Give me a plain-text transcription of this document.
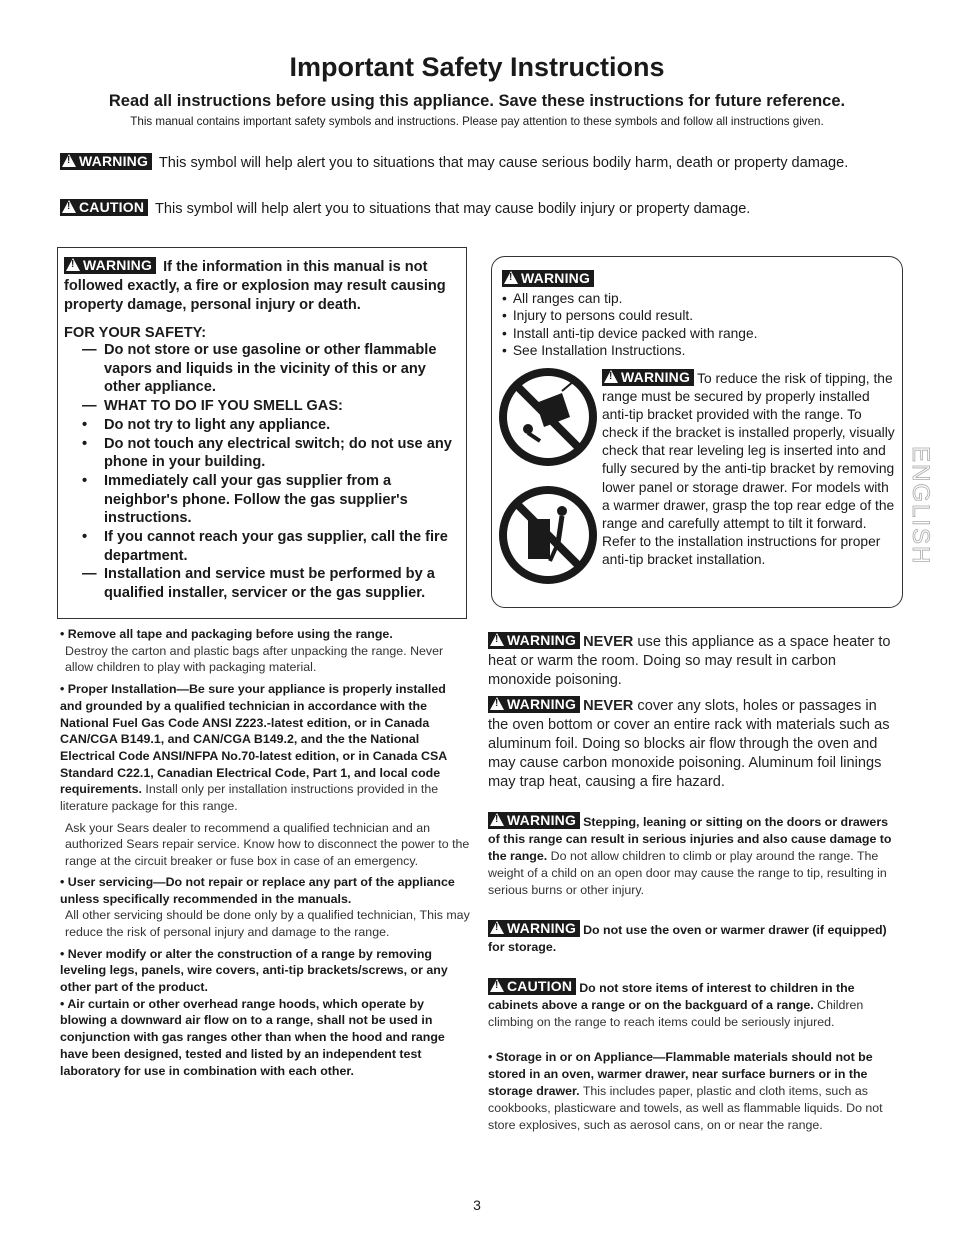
Important Safety Instructions

Read all instructions before using this appliance. Save these instructions for future reference.

This manual contains important safety symbols and instructions. Please pay attention to these symbols and follow all instructions given.

!WARNING This symbol will help alert you to situations that may cause serious bodily harm, death or property damage.
!CAUTION This symbol will help alert you to situations that may cause bodily injury or property damage.

!WARNING If the information in this manual is not followed exactly, a fire or explosion may result causing property damage, personal injury or death.

FOR YOUR SAFETY:

— Do not store or use gasoline or other flammable vapors and liquids in the vicinity of this or any other appliance.
— WHAT TO DO IF YOU SMELL GAS:
• Do not try to light any appliance.
• Do not touch any electrical switch; do not use any phone in your building.
• Immediately call your gas supplier from a neighbor's phone. Follow the gas supplier's instructions.
• If you cannot reach your gas supplier, call the fire department.
— Installation and service must be performed by a qualified installer, servicer or the gas supplier.
!WARNING
• All ranges can tip.
• Injury to persons could result.
• Install anti-tip device packed with range.
• See Installation Instructions.

!WARNING To reduce the risk of tipping, the range must be secured by properly installed anti-tip bracket provided with the range. To check if the bracket is installed properly, visually check that rear leveling leg is inserted into and fully secured by the anti-tip bracket by removing lower panel or storage drawer. For models with a warmer drawer, grasp the top rear edge of the range and carefully attempt to tilt it forward. Refer to the installation instructions for proper anti-tip bracket installation.

• Remove all tape and packaging before using the range.

Destroy the carton and plastic bags after unpacking the range. Never allow children to play with packaging material.

• Proper Installation—Be sure your appliance is properly installed and grounded by a qualified technician in accordance with the National Fuel Gas Code ANSI Z223.-latest edition, or in Canada CAN/CGA B149.1, and CAN/CGA B149.2, and the the National Electrical Code ANSI/NFPA No.70-latest edition, or in Canada CSA Standard C22.1, Canadian Electrical Code, Part 1, and local code requirements. Install only per installation instructions provided in the literature package for this range.

Ask your Sears dealer to recommend a qualified technician and an authorized Sears repair service. Know how to disconnect the power to the range at the circuit breaker or fuse box in case of an emergency.

• User servicing—Do not repair or replace any part of the appliance unless specifically recommended in the manuals.

All other servicing should be done only by a qualified technician, This may reduce the risk of personal injury and damage to the range.

• Never modify or alter the construction of a range by removing leveling legs, panels, wire covers, anti-tip brackets/screws, or any other part of the product.

• Air curtain or other overhead range hoods, which operate by blowing a downward air flow on to a range, shall not be used in conjunction with gas ranges other than when the hood and range have been designed, tested and listed by an independent test laboratory for use in combination with each other.

!WARNING NEVER use this appliance as a space heater to heat or warm the room. Doing so may result in carbon monoxide poisoning.

!WARNING NEVER cover any slots, holes or passages in the oven bottom or cover an entire rack with materials such as aluminum foil. Doing so blocks air flow through the oven and may cause carbon monoxide poisoning. Aluminum foil linings may trap heat, causing a fire hazard.

!WARNING Stepping, leaning or sitting on the doors or drawers of this range can result in serious injuries and also cause damage to the range. Do not allow children to climb or play around the range. The weight of a child on an open door may cause the range to tip, resulting in serious burns or other injury.

!WARNING Do not use the oven or warmer drawer (if equipped) for storage.

!CAUTION Do not store items of interest to children in the cabinets above a range or on the backguard of a range. Children climbing on the range to reach items could be seriously injured.

• Storage in or on Appliance—Flammable materials should not be stored in an oven, warmer drawer, near surface burners or in the storage drawer. This includes paper, plastic and cloth items, such as cookbooks, plasticware and towels, as well as flammable liquids. Do not store explosives, such as aerosol cans, on or near the range.

ENGLISH
3
